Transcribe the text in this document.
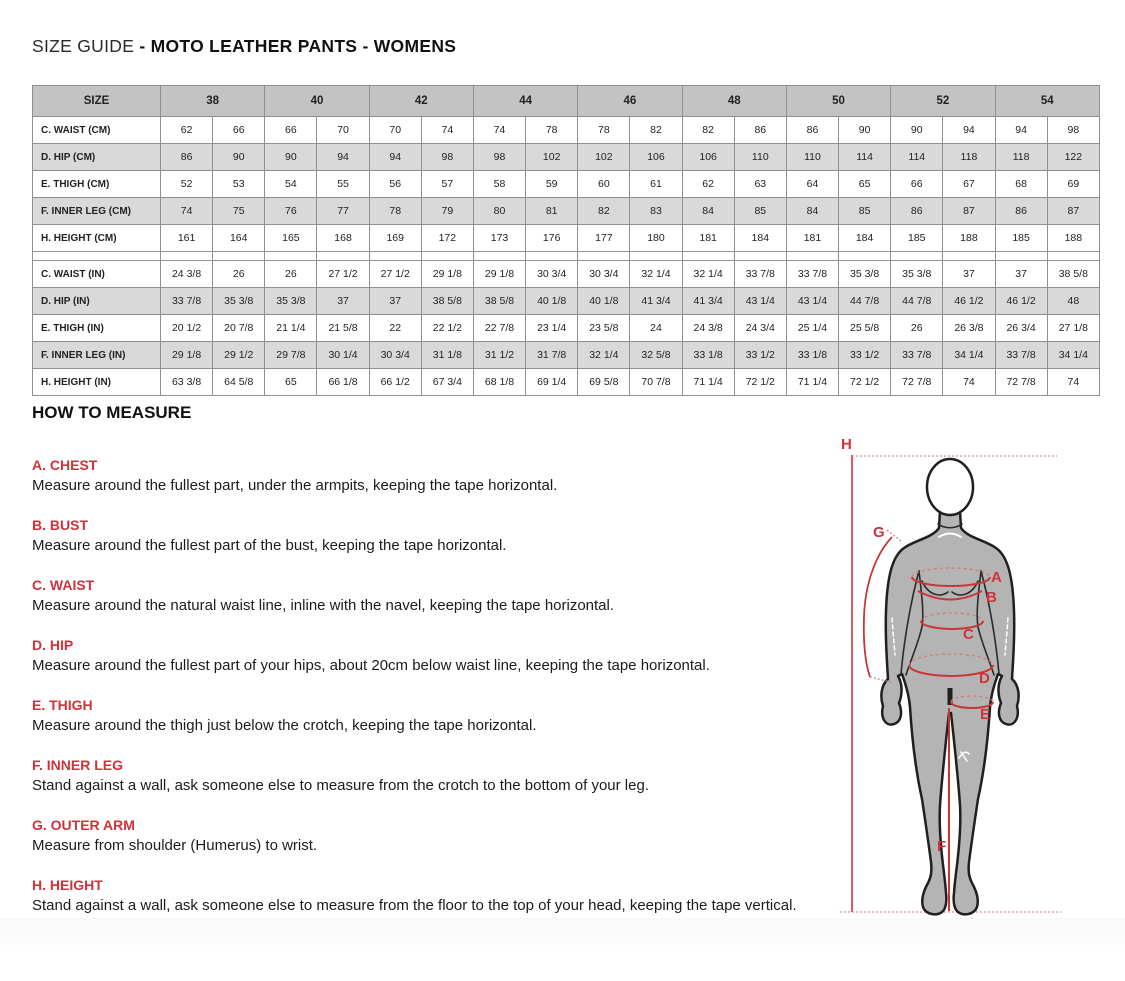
SIZE GUIDE - MOTO LEATHER PANTS - WOMENS
SIZE	38		40		42		44		46		48		50		52		54	
C. WAIST (CM)	62	66	66	70	70	74	74	78	78	82	82	86	86	90	90	94	94	98
D. HIP (CM)	86	90	90	94	94	98	98	102	102	106	106	110	110	114	114	118	118	122
E. THIGH (CM)	52	53	54	55	56	57	58	59	60	61	62	63	64	65	66	67	68	69
F. INNER LEG (CM)	74	75	76	77	78	79	80	81	82	83	84	85	84	85	86	87	86	87
H. HEIGHT (CM)	161	164	165	168	169	172	173	176	177	180	181	184	181	184	185	188	185	188

C. WAIST (IN)	24 3/8	26	26	27 1/2	27 1/2	29 1/8	29 1/8	30 3/4	30 3/4	32 1/4	32 1/4	33 7/8	33 7/8	35 3/8	35 3/8	37	37	38 5/8
D. HIP (IN)	33 7/8	35 3/8	35 3/8	37	37	38 5/8	38 5/8	40 1/8	40 1/8	41 3/4	41 3/4	43 1/4	43 1/4	44 7/8	44 7/8	46 1/2	46 1/2	48
E. THIGH (IN)	20 1/2	20 7/8	21 1/4	21 5/8	22	22 1/2	22 7/8	23 1/4	23 5/8	24	24 3/8	24 3/4	25 1/4	25 5/8	26	26 3/8	26 3/4	27 1/8
F. INNER LEG (IN)	29 1/8	29 1/2	29 7/8	30 1/4	30 3/4	31 1/8	31 1/2	31 7/8	32 1/4	32 5/8	33 1/8	33 1/2	33 1/8	33 1/2	33 7/8	34 1/4	33 7/8	34 1/4
H. HEIGHT (IN)	63 3/8	64 5/8	65	66 1/8	66 1/2	67 3/4	68 1/8	69 1/4	69 5/8	70 7/8	71 1/4	72 1/2	71 1/4	72 1/2	72 7/8	74	72 7/8	74
HOW TO MEASURE
A. CHEST
Measure around the fullest part, under the armpits, keeping the tape horizontal.
B. BUST
Measure around the fullest part of the bust, keeping the tape horizontal.
C. WAIST
Measure around the natural waist line, inline with the navel, keeping the tape horizontal.
D. HIP
Measure around the fullest part of your hips, about 20cm below waist line, keeping the tape horizontal.
E. THIGH
Measure around the thigh just below the crotch, keeping the tape horizontal.
F. INNER LEG
Stand against a wall, ask someone else to measure from the crotch to the bottom of your leg.
G. OUTER ARM
Measure from shoulder (Humerus) to wrist.
H. HEIGHT
Stand against a wall, ask someone else to measure from the floor to the top of your head, keeping the tape vertical.
A
B
C
D
E
F
G
H
